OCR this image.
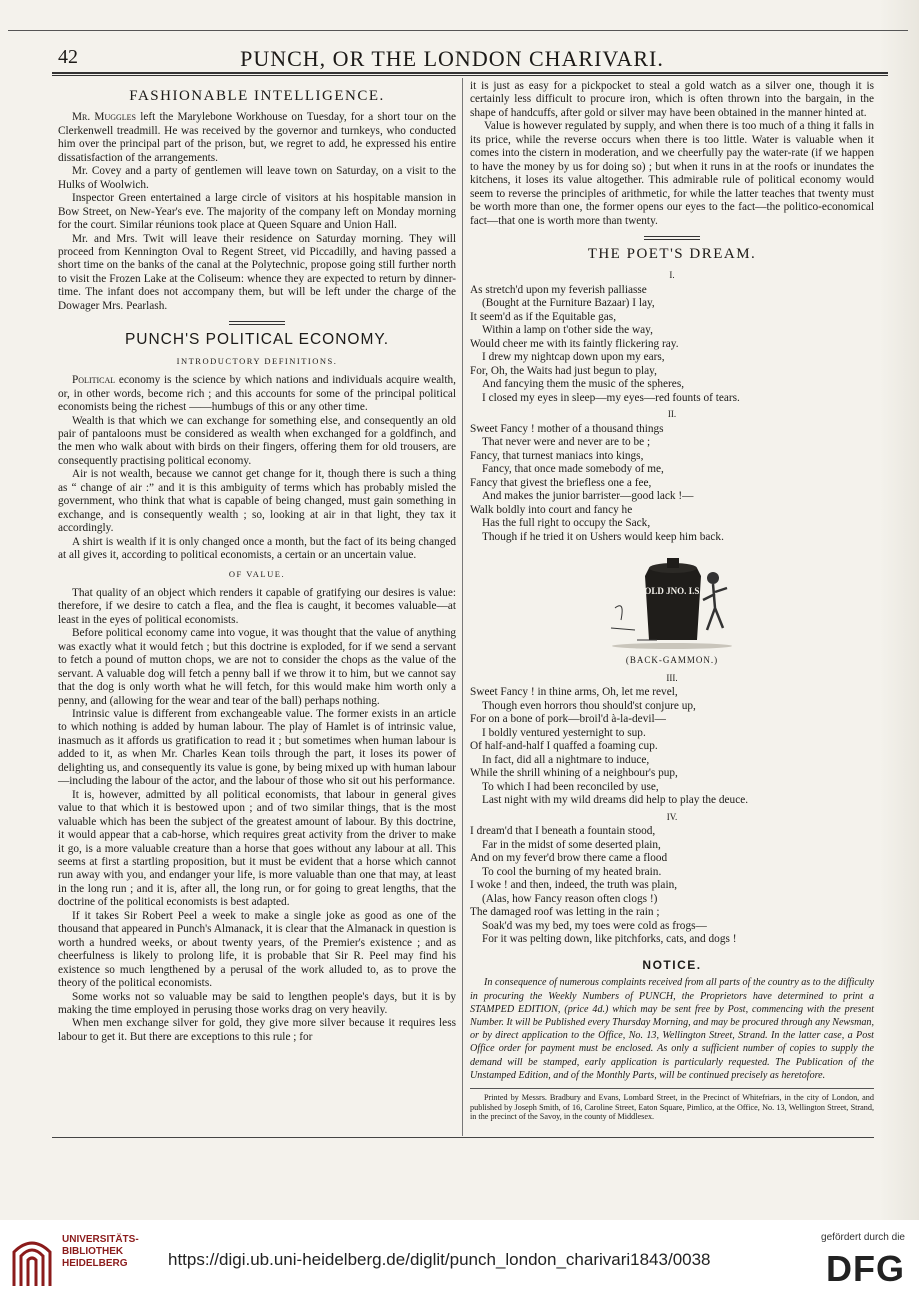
42	PUNCH, OR THE LONDON CHARIVARI.
FASHIONABLE INTELLIGENCE.

Mr. Muggles left the Marylebone Workhouse on Tuesday, for a short tour on the Clerkenwell treadmill. He was received by the governor and turnkeys, who conducted him over the principal part of the prison, but, we regret to add, he expressed his entire dissatisfaction of the arrangements.

Mr. Covey and a party of gentlemen will leave town on Saturday, on a visit to the Hulks of Woolwich.

Inspector Green entertained a large circle of visitors at his hospitable mansion in Bow Street, on New-Year's eve. The majority of the company left on Monday morning for the court. Similar réunions took place at Queen Square and Union Hall.

Mr. and Mrs. Twit will leave their residence on Saturday morning. They will proceed from Kennington Oval to Regent Street, vid Piccadilly, and having passed a short time on the banks of the canal at the Polytechnic, propose going still further north to visit the Frozen Lake at the Coliseum: whence they are expected to return by dinner-time. The infant does not accompany them, but will be left under the charge of the Dowager Mrs. Pearlash.

PUNCH'S POLITICAL ECONOMY.
INTRODUCTORY DEFINITIONS.

Political economy is the science by which nations and individuals acquire wealth, or, in other words, become rich ; and this accounts for some of the principal political economists being the richest ——humbugs of this or any other time.

Wealth is that which we can exchange for something else, and consequently an old pair of pantaloons must be considered as wealth when exchanged for a goldfinch, and the men who walk about with birds on their fingers, offering them for old trousers, are consequently practising political economy.

Air is not wealth, because we cannot get change for it, though there is such a thing as “ change of air :” and it is this ambiguity of terms which has probably misled the government, who think that what is capable of being changed, must gain something in exchange, and is consequently wealth ; so, looking at air in that light, they tax it accordingly.

A shirt is wealth if it is only changed once a month, but the fact of its being changed at all gives it, according to political economists, a certain or an uncertain value.

OF VALUE.

That quality of an object which renders it capable of gratifying our desires is value: therefore, if we desire to catch a flea, and the flea is caught, it becomes valuable—at least in the eyes of political economists.

Before political economy came into vogue, it was thought that the value of anything was exactly what it would fetch ; but this doctrine is exploded, for if we send a servant to fetch a pound of mutton chops, we are not to consider the chops as the value of the servant. A valuable dog will fetch a penny ball if we throw it to him, but we cannot say that the dog is only worth what he will fetch, for this would make him worth only a penny, and (allowing for the wear and tear of the ball) perhaps nothing.

Intrinsic value is different from exchangeable value. The former exists in an article to which nothing is added by human labour. The play of Hamlet is of intrinsic value, inasmuch as it affords us gratification to read it ; but sometimes when human labour is added to it, as when Mr. Charles Kean toils through the part, it loses its power of delighting us, and consequently its value is gone, by being mixed up with human labour—including the labour of the actor, and the labour of those who sit out his performance.

It is, however, admitted by all political economists, that labour in general gives value to that which it is bestowed upon ; and of two similar things, that is the most valuable which has been the subject of the greatest amount of labour. By this doctrine, it would appear that a cab-horse, which requires great activity from the driver to make it go, is a more valuable creature than a horse that goes without any labour at all. This seems at first a startling proposition, but it must be evident that a horse which cannot run away with you, and endanger your life, is more valuable than one that may, at least in the long run ; and it is, after all, the long run, or for going to great lengths, that the doctrine of the political economists is best adapted.

If it takes Sir Robert Peel a week to make a single joke as good as one of the thousand that appeared in Punch's Almanack, it is clear that the Almanack in question is worth a hundred weeks, or about twenty years, of the Premier's existence ; and as cheerfulness is likely to prolong life, it is probable that Sir R. Peel may find his existence so much lengthened by a perusal of the work alluded to, as to prove the theory of the political economists.

Some works not so valuable may be said to lengthen people's days, but it is by making the time employed in perusing those works drag on very heavily.

When men exchange silver for gold, they give more silver because it requires less labour to get it. But there are exceptions to this rule ; for

it is just as easy for a pickpocket to steal a gold watch as a silver one, though it is certainly less difficult to procure iron, which is often thrown into the bargain, in the shape of handcuffs, after gold or silver may have been obtained in the manner hinted at.

Value is however regulated by supply, and when there is too much of a thing it falls in its price, while the reverse occurs when there is too little. Water is valuable when it comes into the cistern in moderation, and we cheerfully pay the water-rate (if we happen to have the money by us for doing so) ; but when it runs in at the roofs or inundates the kitchens, it loses its value altogether. This admirable rule of political economy would seem to reverse the principles of arithmetic, for while the latter teaches that twenty must be worth more than one, the former opens our eyes to the fact—the politico-economical fact—that one is worth more than twenty.

THE POET'S DREAM.
I.
As stretch'd upon my feverish palliasse
(Bought at the Furniture Bazaar) I lay,
It seem'd as if the Equitable gas,
Within a lamp on t'other side the way,
Would cheer me with its faintly flickering ray.
I drew my nightcap down upon my ears,
For, Oh, the Waits had just begun to play,
And fancying them the music of the spheres,
I closed my eyes in sleep—my eyes—red founts of tears.
II.
Sweet Fancy ! mother of a thousand things
That never were and never are to be ;
Fancy, that turnest maniacs into kings,
Fancy, that once made somebody of me,
Fancy that givest the briefless one a fee,
And makes the junior barrister—good lack !—
Walk boldly into court and fancy he
Has the full right to occupy the Sack,
Though if he tried it on Ushers would keep him back.
OLD JNO. I.S.
(BACK-GAMMON.)
III.
Sweet Fancy ! in thine arms, Oh, let me revel,
Though even horrors thou should'st conjure up,
For on a bone of pork—broil'd à-la-devil—
I boldly ventured yesternight to sup.
Of half-and-half I quaffed a foaming cup.
In fact, did all a nightmare to induce,
While the shrill whining of a neighbour's pup,
To which I had been reconciled by use,
Last night with my wild dreams did help to play the deuce.
IV.
I dream'd that I beneath a fountain stood,
Far in the midst of some deserted plain,
And on my fever'd brow there came a flood
To cool the burning of my heated brain.
I woke ! and then, indeed, the truth was plain,
(Alas, how Fancy reason often clogs !)
The damaged roof was letting in the rain ;
Soak'd was my bed, my toes were cold as frogs—
For it was pelting down, like pitchforks, cats, and dogs !
NOTICE.

In consequence of numerous complaints received from all parts of the country as to the difficulty in procuring the Weekly Numbers of PUNCH, the Proprietors have determined to print a STAMPED EDITION, (price 4d.) which may be sent free by Post, commencing with the present Number. It will be Published every Thursday Morning, and may be procured through any Newsman, or by direct application to the Office, No. 13, Wellington Street, Strand. In the latter case, a Post Office order for payment must be enclosed. As only a sufficient number of copies to supply the demand will be stamped, early application is particularly requested. The Publication of the Unstamped Edition, and of the Monthly Parts, will be continued precisely as heretofore.

Printed by Messrs. Bradbury and Evans, Lombard Street, in the Precinct of Whitefriars, in the city of London, and published by Joseph Smith, of 16, Caroline Street, Eaton Square, Pimlico, at the Office, No. 13, Wellington Street, Strand, in the precinct of the Savoy, in the county of Middlesex.

UNIVERSITÄTS-
BIBLIOTHEK
HEIDELBERG	https://digi.ub.uni-heidelberg.de/diglit/punch_london_charivari1843/0038
gefördert durch die
DFG
